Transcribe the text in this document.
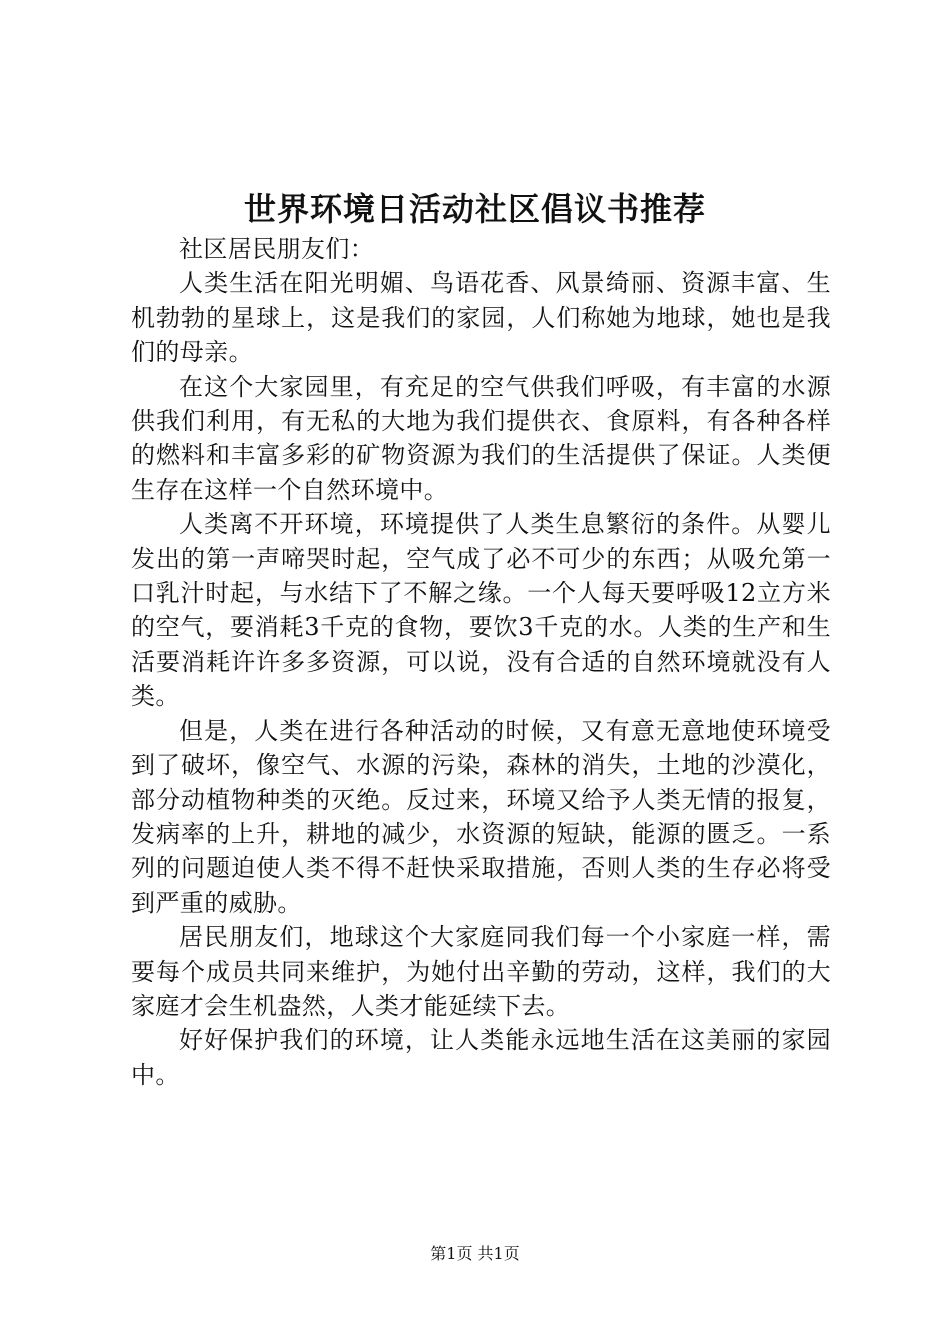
世界环境日活动社区倡议书推荐

社区居民朋友们：

人类生活在阳光明媚、鸟语花香、风景绮丽、资源丰富、生机勃勃的星球上，这是我们的家园，人们称她为地球，她也是我们的母亲。

在这个大家园里，有充足的空气供我们呼吸，有丰富的水源供我们利用，有无私的大地为我们提供衣、食原料，有各种各样的燃料和丰富多彩的矿物资源为我们的生活提供了保证。人类便生存在这样一个自然环境中。

人类离不开环境，环境提供了人类生息繁衍的条件。从婴儿发出的第一声啼哭时起，空气成了必不可少的东西；从吸允第一口乳汁时起，与水结下了不解之缘。一个人每天要呼吸12立方米的空气，要消耗3千克的食物，要饮3千克的水。人类的生产和生活要消耗许许多多资源，可以说，没有合适的自然环境就没有人类。

但是，人类在进行各种活动的时候，又有意无意地使环境受到了破坏，像空气、水源的污染，森林的消失，土地的沙漠化，部分动植物种类的灭绝。反过来，环境又给予人类无情的报复，发病率的上升，耕地的减少，水资源的短缺，能源的匮乏。一系列的问题迫使人类不得不赶快采取措施，否则人类的生存必将受到严重的威胁。

居民朋友们，地球这个大家庭同我们每一个小家庭一样，需要每个成员共同来维护，为她付出辛勤的劳动，这样，我们的大家庭才会生机盎然，人类才能延续下去。

好好保护我们的环境，让人类能永远地生活在这美丽的家园中。

第1页 共1页
